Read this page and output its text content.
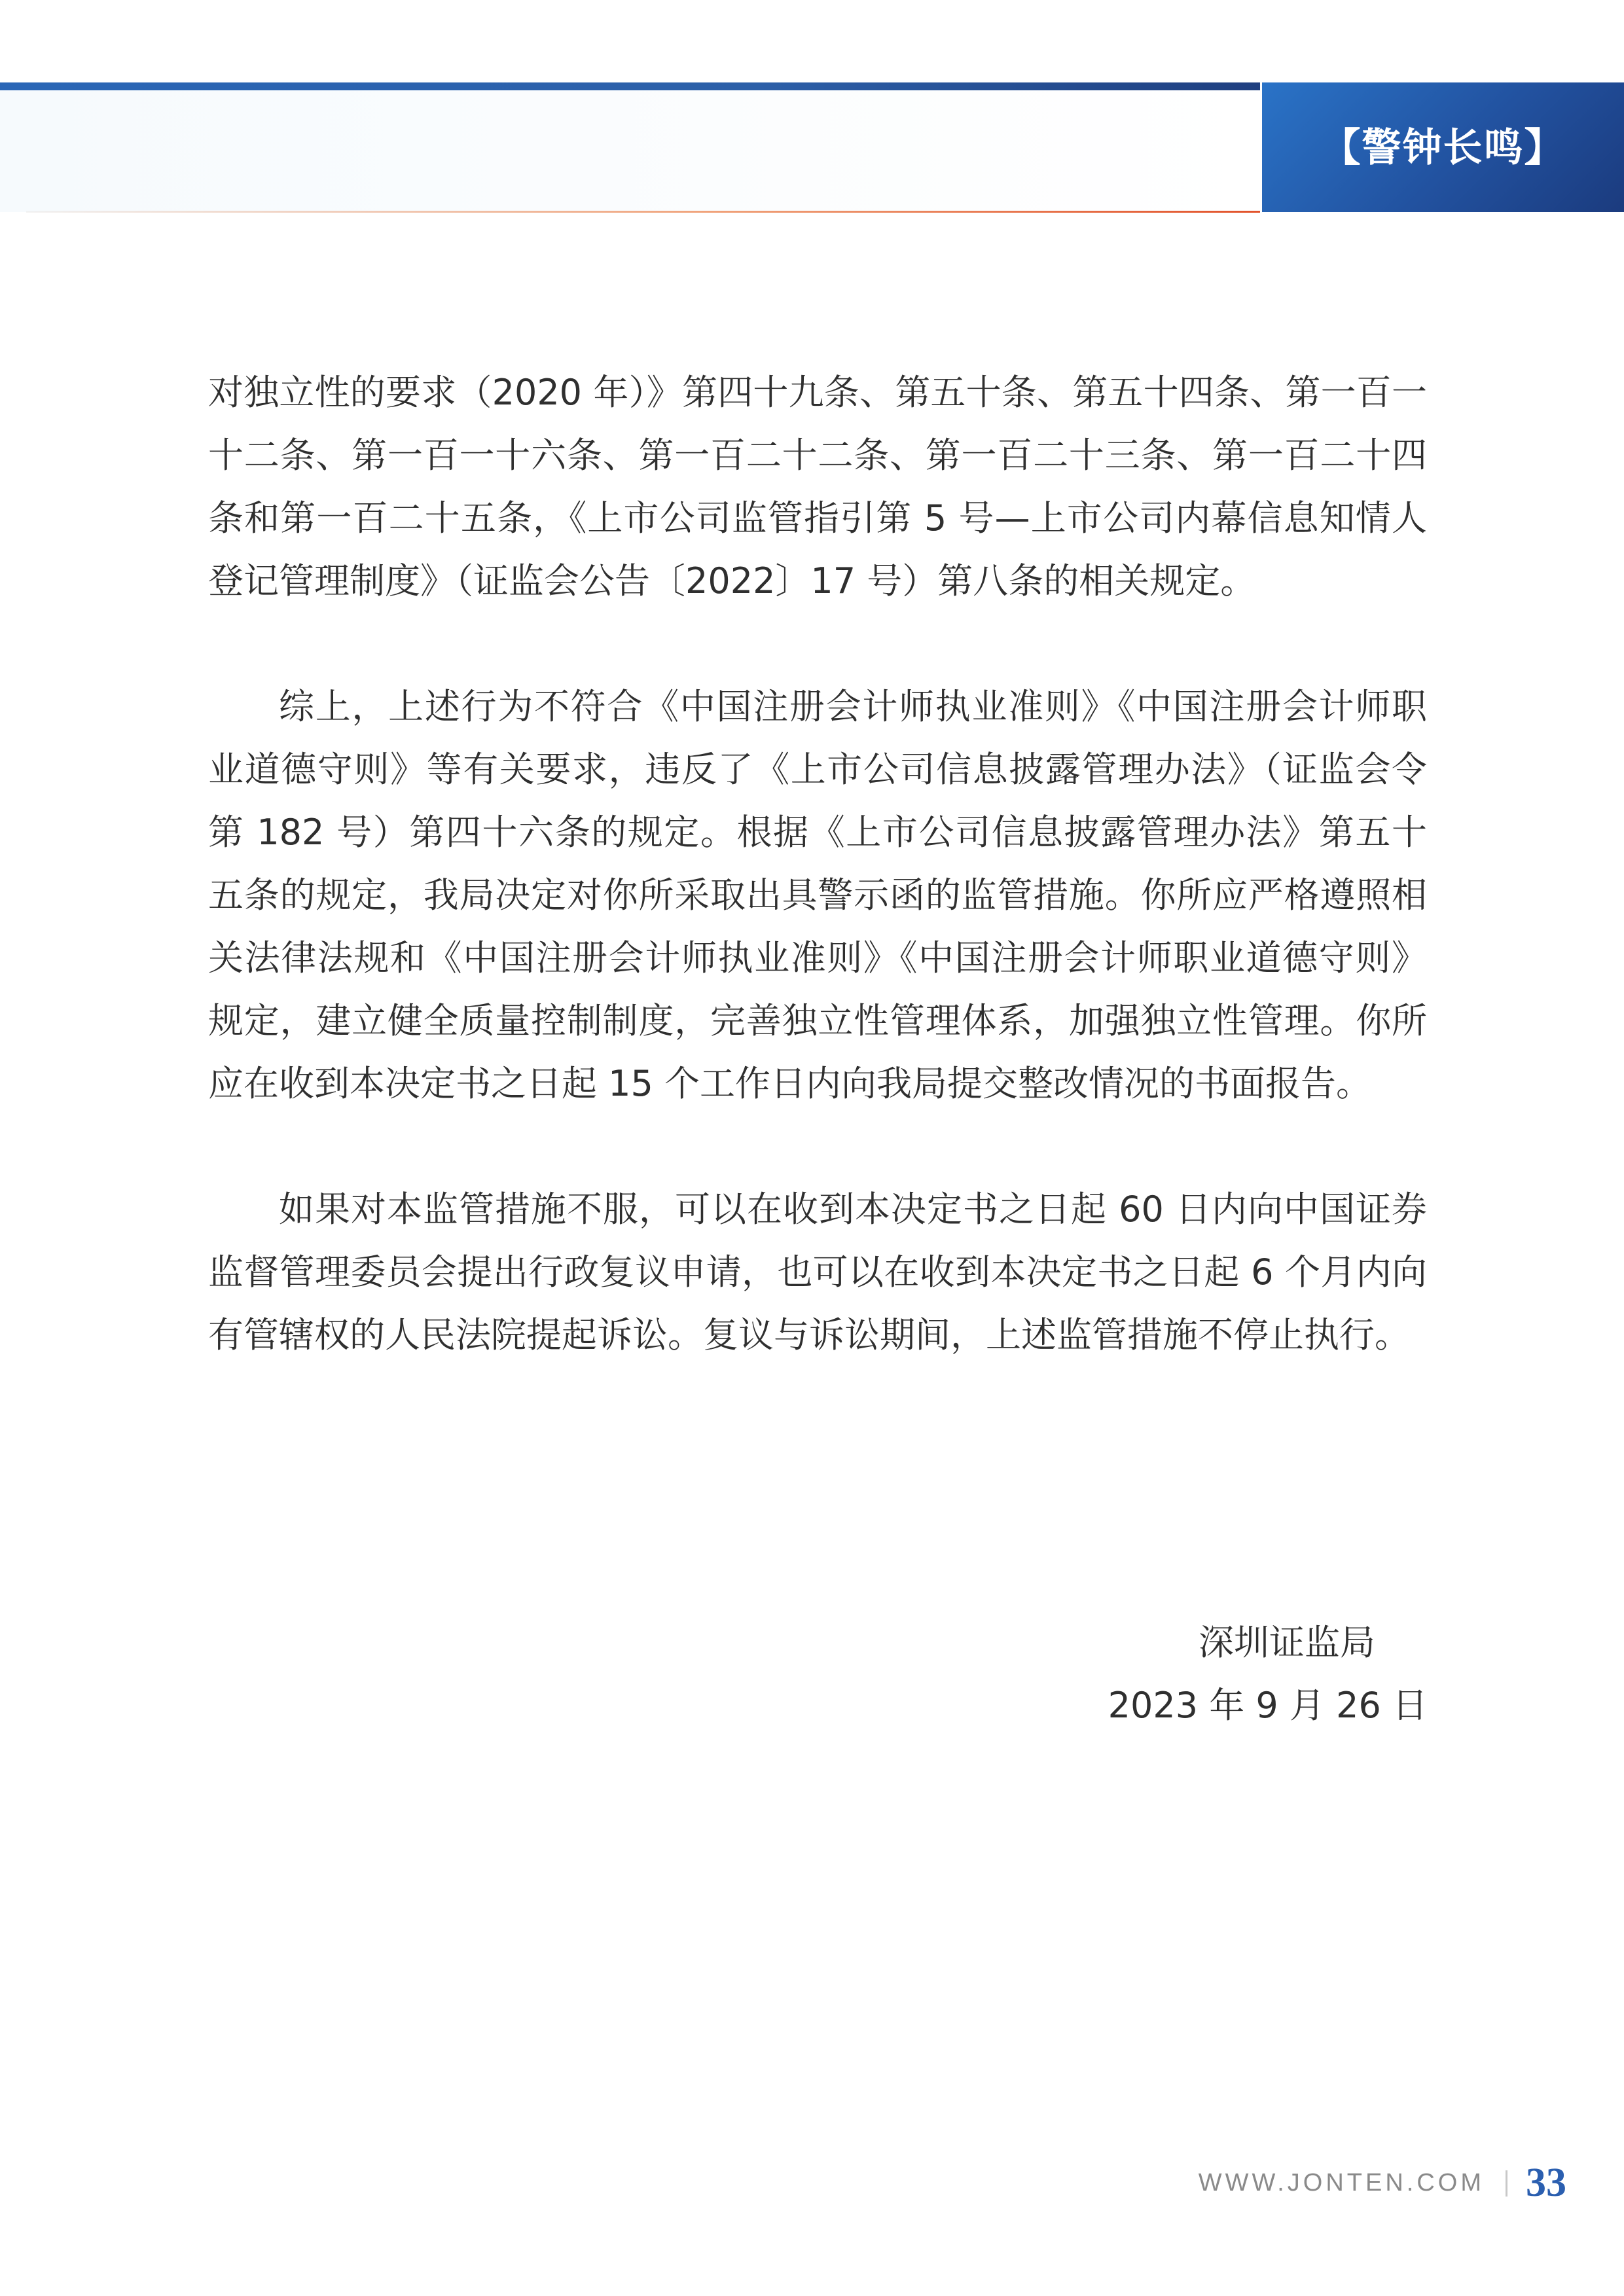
【警钟长鸣】

对独立性的要求（2020 年）》第四十九条、第五十条、第五十四条、第一百一十二条、第一百一十六条、第一百二十二条、第一百二十三条、第一百二十四条和第一百二十五条，《上市公司监管指引第 5 号—上市公司内幕信息知情人登记管理制度》（证监会公告〔2022〕17 号）第八条的相关规定。

综上，上述行为不符合《中国注册会计师执业准则》《中国注册会计师职业道德守则》等有关要求，违反了《上市公司信息披露管理办法》（证监会令第 182 号）第四十六条的规定。根据《上市公司信息披露管理办法》第五十五条的规定，我局决定对你所采取出具警示函的监管措施。你所应严格遵照相关法律法规和《中国注册会计师执业准则》《中国注册会计师职业道德守则》规定，建立健全质量控制制度，完善独立性管理体系，加强独立性管理。你所应在收到本决定书之日起 15 个工作日内向我局提交整改情况的书面报告。

如果对本监管措施不服，可以在收到本决定书之日起 60 日内向中国证券监督管理委员会提出行政复议申请，也可以在收到本决定书之日起 6 个月内向有管辖权的人民法院提起诉讼。复议与诉讼期间，上述监管措施不停止执行。

深圳证监局
2023 年 9 月 26 日
WWW.JONTEN.COM 33
